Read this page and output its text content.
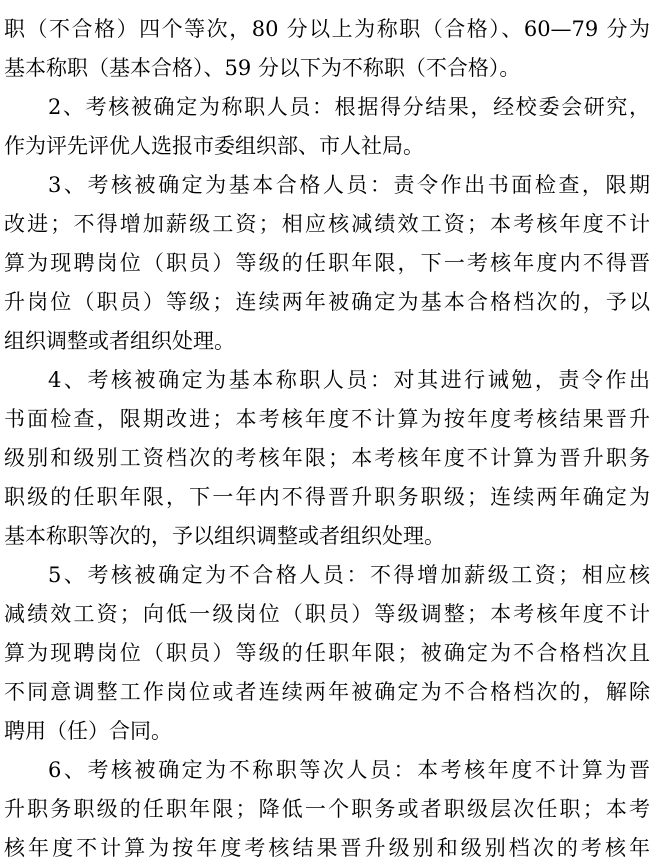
职（不合格）四个等次，80 分以上为称职（合格）、60—79 分为

基本称职（基本合格）、59 分以下为不称职（不合格）。

2、考核被确定为称职人员：根据得分结果，经校委会研究，

作为评先评优人选报市委组织部、市人社局。

3、考核被确定为基本合格人员：责令作出书面检查，限期

改进；不得增加薪级工资；相应核减绩效工资；本考核年度不计

算为现聘岗位（职员）等级的任职年限，下一考核年度内不得晋

升岗位（职员）等级；连续两年被确定为基本合格档次的，予以

组织调整或者组织处理。

4、考核被确定为基本称职人员：对其进行诫勉，责令作出

书面检查，限期改进；本考核年度不计算为按年度考核结果晋升

级别和级别工资档次的考核年限；本考核年度不计算为晋升职务

职级的任职年限，下一年内不得晋升职务职级；连续两年确定为

基本称职等次的，予以组织调整或者组织处理。

5、考核被确定为不合格人员：不得增加薪级工资；相应核

减绩效工资；向低一级岗位（职员）等级调整；本考核年度不计

算为现聘岗位（职员）等级的任职年限；被确定为不合格档次且

不同意调整工作岗位或者连续两年被确定为不合格档次的，解除

聘用（任）合同。

6、考核被确定为不称职等次人员：本考核年度不计算为晋

升职务职级的任职年限；降低一个职务或者职级层次任职；本考

核年度不计算为按年度考核结果晋升级别和级别档次的考核年
